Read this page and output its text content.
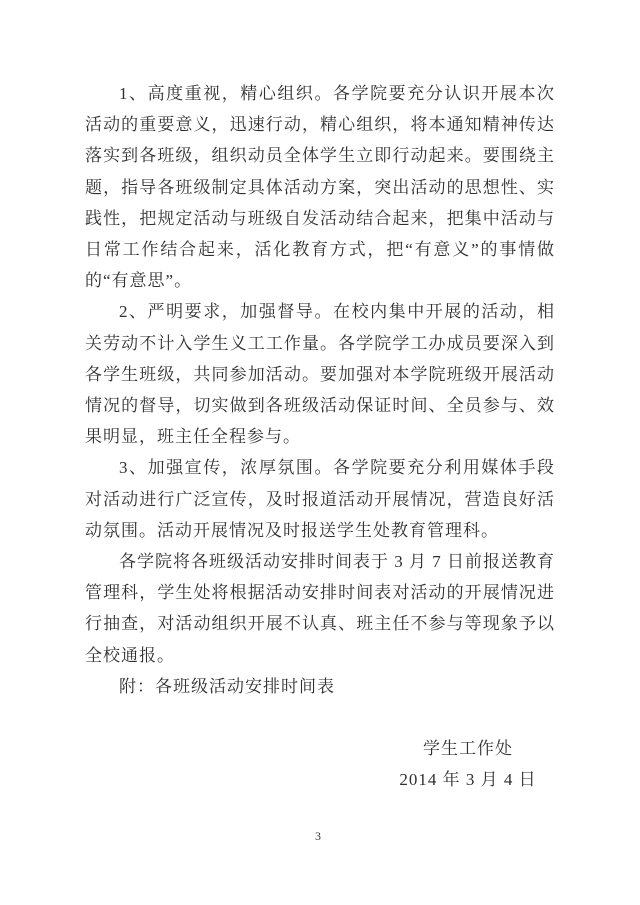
1、高度重视，精心组织。各学院要充分认识开展本次活动的重要意义，迅速行动，精心组织，将本通知精神传达落实到各班级，组织动员全体学生立即行动起来。要围绕主题，指导各班级制定具体活动方案，突出活动的思想性、实践性，把规定活动与班级自发活动结合起来，把集中活动与日常工作结合起来，活化教育方式，把“有意义”的事情做的“有意思”。

2、严明要求，加强督导。在校内集中开展的活动，相关劳动不计入学生义工工作量。各学院学工办成员要深入到各学生班级，共同参加活动。要加强对本学院班级开展活动情况的督导，切实做到各班级活动保证时间、全员参与、效果明显，班主任全程参与。

3、加强宣传，浓厚氛围。各学院要充分利用媒体手段对活动进行广泛宣传，及时报道活动开展情况，营造良好活动氛围。活动开展情况及时报送学生处教育管理科。

各学院将各班级活动安排时间表于 3 月 7 日前报送教育管理科，学生处将根据活动安排时间表对活动的开展情况进行抽查，对活动组织开展不认真、班主任不参与等现象予以全校通报。

附：各班级活动安排时间表

学生工作处

2014 年 3 月 4 日

3
